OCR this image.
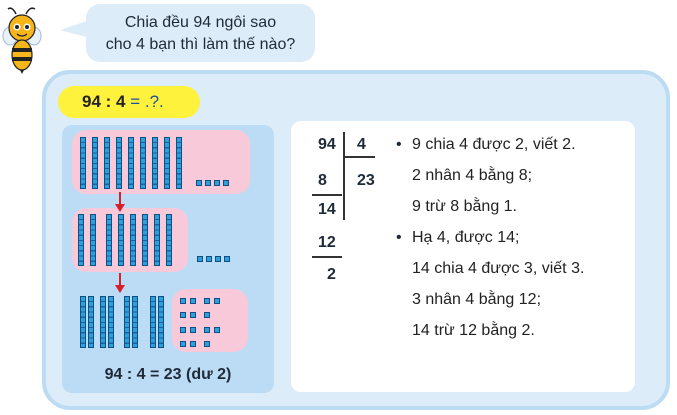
Chia đều 94 ngôi sao
cho 4 bạn thì làm thế nào?
94 : 4 = .?.
94 : 4 = 23 (dư 2)
94 4
23
8
14
12
2
• 9 chia 4 được 2, viết 2.
2 nhân 4 bằng 8;
9 trừ 8 bằng 1.
• Hạ 4, được 14;
14 chia 4 được 3, viết 3.
3 nhân 4 bằng 12;
14 trừ 12 bằng 2.
